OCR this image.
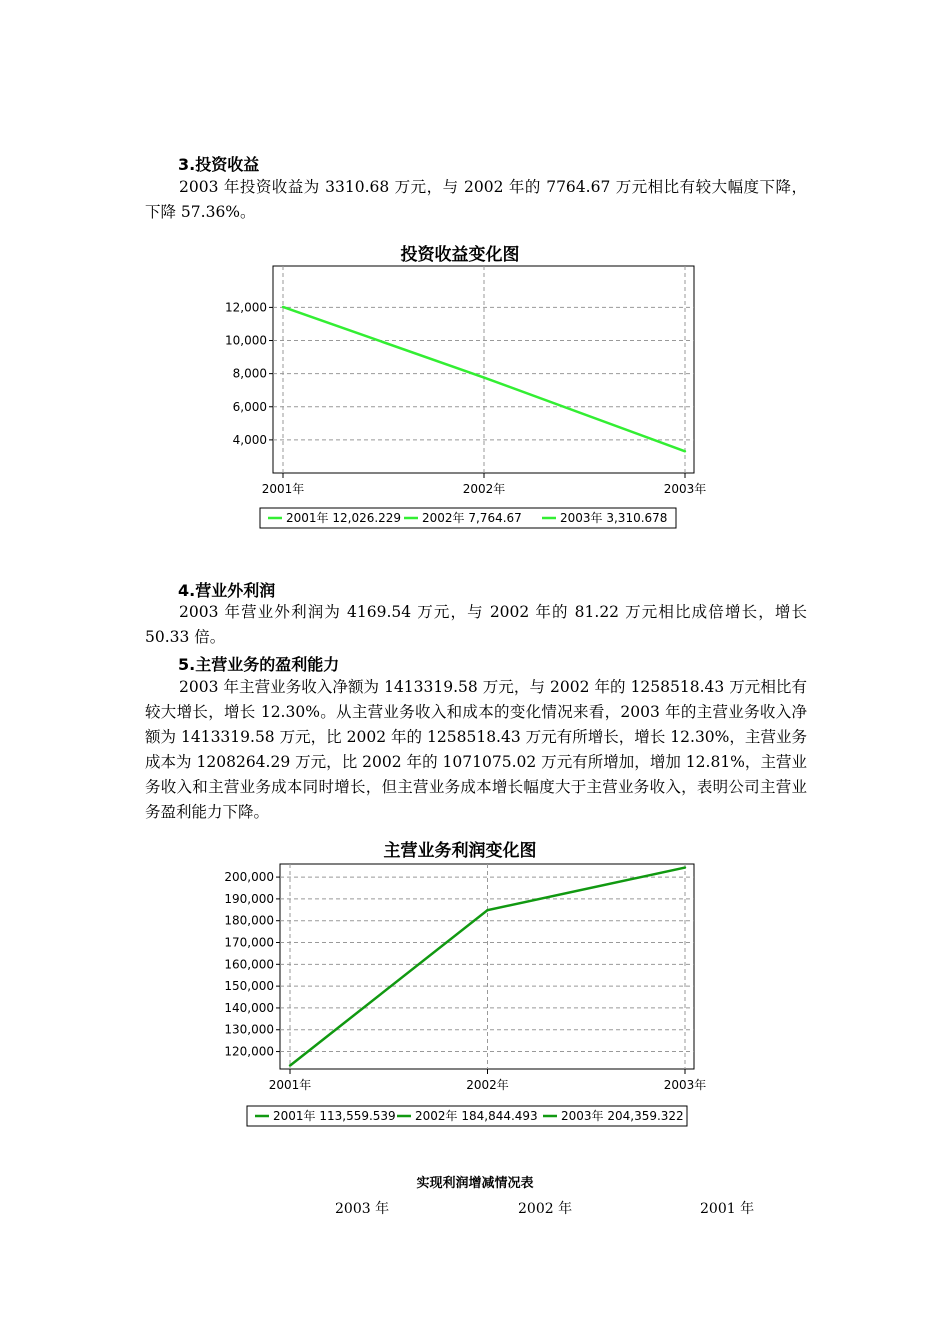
3.投资收益

2003 年投资收益为 3310.68 万元，与 2002 年的 7764.67 万元相比有较大幅度下降，下降 57.36%。

投资收益变化图
4,000
6,000
8,000
10,000
12,000
2001年	2002年	2003年
2001年 12,026.229 2002年 7,764.67	2003年 3,310.678
4.营业外利润

2003 年营业外利润为 4169.54 万元，与 2002 年的 81.22 万元相比成倍增长，增长 50.33 倍。

5.主营业务的盈利能力

2003 年主营业务收入净额为 1413319.58 万元，与 2002 年的 1258518.43 万元相比有较大增长，增长 12.30%。从主营业务收入和成本的变化情况来看，2003 年的主营业务收入净额为 1413319.58 万元，比 2002 年的 1258518.43 万元有所增长，增长 12.30%，主营业务成本为 1208264.29 万元，比 2002 年的 1071075.02 万元有所增加，增加 12.81%，主营业务收入和主营业务成本同时增长，但主营业务成本增长幅度大于主营业务收入，表明公司主营业务盈利能力下降。

主营业务利润变化图
120,000
130,000
140,000
150,000
160,000
170,000
180,000
190,000
200,000
2001年	2002年	2003年
2001年 113,559.539 2002年 184,844.493 2003年 204,359.322
实现利润增减情况表
2003 年	2002 年	2001 年
